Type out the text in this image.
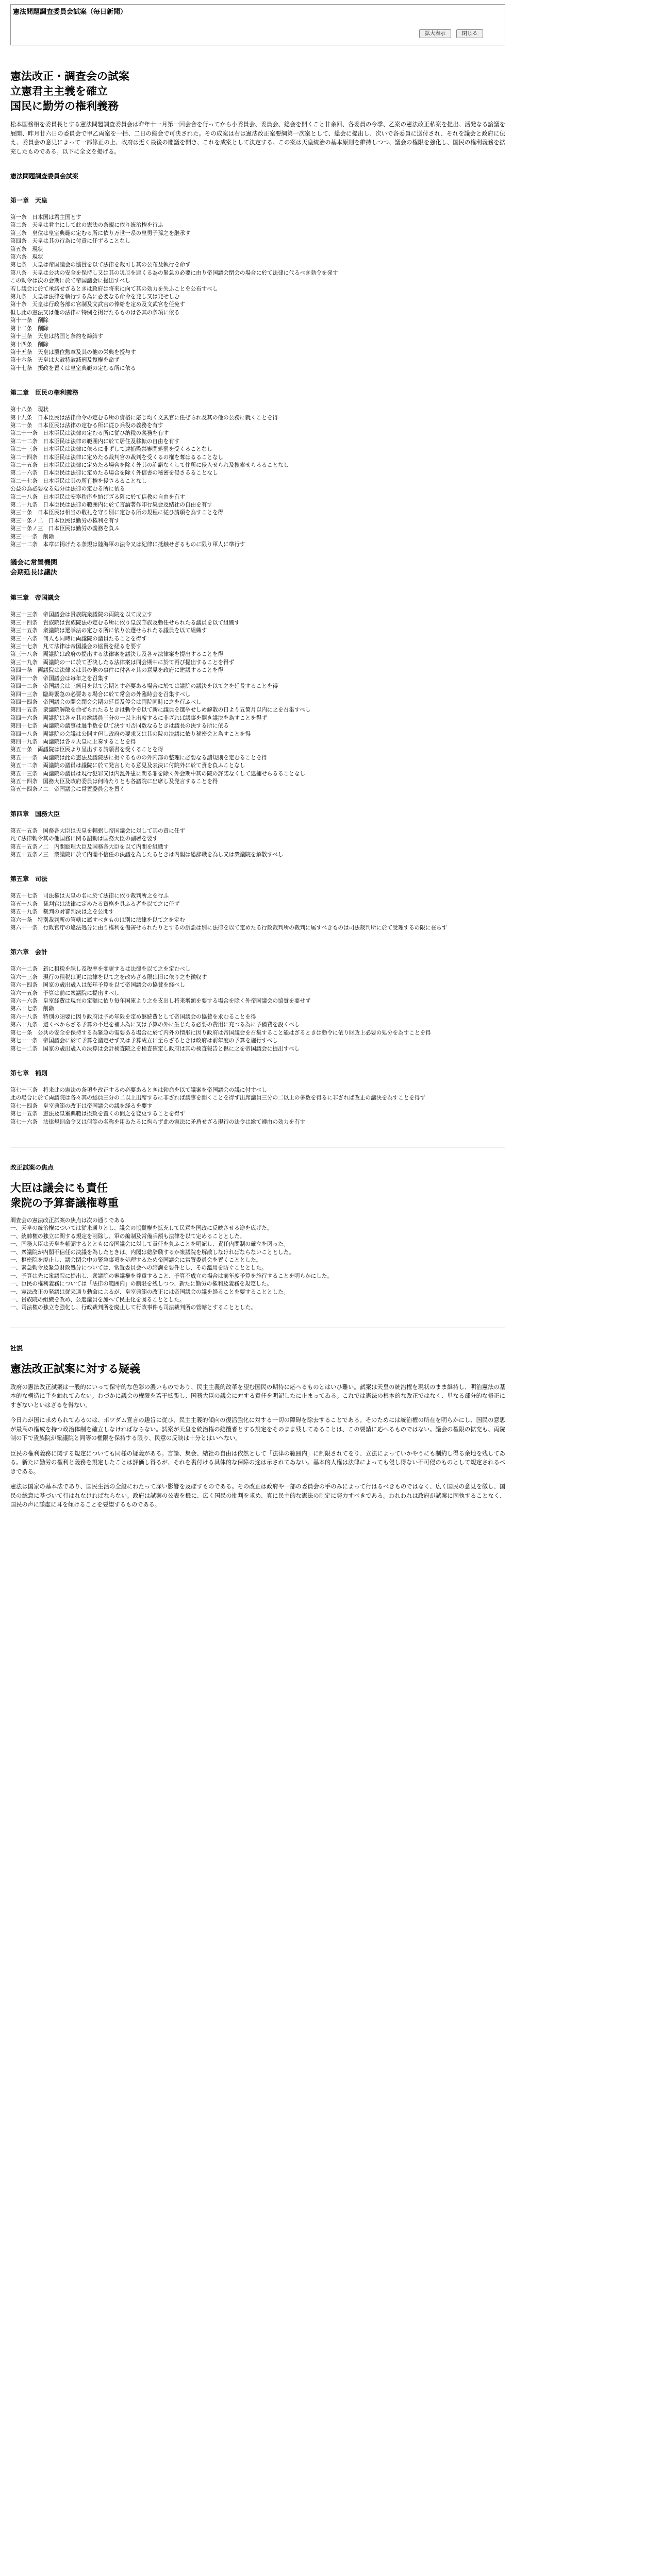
憲法問題調査委員会試案（毎日新聞）
拡大表示	閉じる
憲法改正・調査会の試案
立憲君主主義を確立
国民に勤労の権利義務

松本国務相を委員長とする憲法問題調査委員会は昨年十一月第一回会合を行ってから小委員会、委員会、総会を開くこと廿余回、各委員の今季、乙案の憲法改正私案を提出、活発なる論議を展開、昨月廿六日の委員会で甲乙両案を一括、二日の総会で可決された。その成案は右は憲法改正案要綱第一次案として、総会に提出し、次いで各委員に送付され、それを議会と政府に伝え、委員会の意見によって一部修正の上、政府は近く最後の閣議を開き、これを成案として決定する。この案は天皇統治の基本原則を維持しつつ、議会の権限を強化し、国民の権利義務を拡充したものである。以下に全文を掲げる。

憲法問題調査委員会試案
第一章　天皇
第一条　日本国は君主国とす
第二条　天皇は君主にして此の憲法の条規に依り統治権を行ふ
第三条　皇位は皇室典範の定むる所に依り万世一系の皇男子孫之を継承す
第四条　天皇は其の行為に付責に任ずることなし
第五条　現状
第六条　現状
第七条　天皇は帝国議会の協賛を以て法律を裁可し其の公布及執行を命ず
第八条　天皇は公共の安全を保持し又は其の災厄を避くる為の緊急の必要に由り帝国議会閉会の場合に於て法律に代るべき勅令を発す
この勅令は次の会期に於て帝国議会に提出すべし
若し議会に於て承諾せざるときは政府は将来に向て其の効力を失ふことを公布すべし
第九条　天皇は法律を執行する為に必要なる命令を発し又は発せしむ
第十条　天皇は行政各部の官制及文武官の俸給を定め及文武官を任免す
但し此の憲法又は他の法律に特例を掲げたるものは各其の条項に依る
第十一条　削除
第十二条　削除
第十三条　天皇は諸国と条約を締結す
第十四条　削除
第十五条　天皇は爵位勲章及其の他の栄典を授与す
第十六条　天皇は大赦特赦減刑及復権を命ず
第十七条　摂政を置くは皇室典範の定むる所に依る
第二章　臣民の権利義務
第十八条　現状
第十九条　日本臣民は法律命令の定むる所の資格に応じ均く文武官に任ぜられ及其の他の公務に就くことを得
第二十条　日本臣民は法律の定むる所に従ひ兵役の義務を有す
第二十一条　日本臣民は法律の定むる所に従ひ納税の義務を有す
第二十二条　日本臣民は法律の範囲内に於て居住及移転の自由を有す
第二十三条　日本臣民は法律に依るに非ずして逮捕監禁審問処罰を受くることなし
第二十四条　日本臣民は法律に定めたる裁判官の裁判を受くるの権を奪はるることなし
第二十五条　日本臣民は法律に定めたる場合を除く外其の許諾なくして住所に侵入せられ及捜索せらるることなし
第二十六条　日本臣民は法律に定めたる場合を除く外信書の秘密を侵さるることなし
第二十七条　日本臣民は其の所有権を侵さるることなし
公益の為必要なる処分は法律の定むる所に依る
第二十八条　日本臣民は安寧秩序を妨げざる限に於て信教の自由を有す
第二十九条　日本臣民は法律の範囲内に於て言論著作印行集会及結社の自由を有す
第三十条　日本臣民は相当の敬礼を守り別に定むる所の規程に従ひ請願を為すことを得
第三十条ノ二　日本臣民は勤労の権利を有す
第三十条ノ三　日本臣民は勤労の義務を負ふ
第三十一条　削除
第三十二条　本章に掲げたる条規は陸海軍の法令又は紀律に抵触せざるものに限り軍人に準行す
議会に常置機関
会期延長は議決
第三章　帝国議会
第三十三条　帝国議会は貴族院衆議院の両院を以て成立す
第三十四条　貴族院は貴族院法の定むる所に依り皇族華族及勅任せられたる議員を以て組織す
第三十五条　衆議院は選挙法の定むる所に依り公選せられたる議員を以て組織す
第三十六条　何人も同時に両議院の議員たることを得ず
第三十七条　凡て法律は帝国議会の協賛を経るを要す
第三十八条　両議院は政府の提出する法律案を議決し及各々法律案を提出することを得
第三十九条　両議院の一に於て否決したる法律案は同会期中に於て再び提出することを得ず
第四十条　両議院は法律又は其の他の事件に付各々其の意見を政府に建議することを得
第四十一条　帝国議会は毎年之を召集す
第四十二条　帝国議会は三箇月を以て会期とす必要ある場合に於ては議院の議決を以て之を延長することを得
第四十三条　臨時緊急の必要ある場合に於て常会の外臨時会を召集すべし
第四十四条　帝国議会の開会閉会会期の延長及停会は両院同時に之を行ふべし
第四十五条　衆議院解散を命ぜられたるときは勅令を以て新に議員を選挙せしめ解散の日より五箇月以内に之を召集すべし
第四十六条　両議院は各々其の総議員三分の一以上出席するに非ざれば議事を開き議決を為すことを得ず
第四十七条　両議院の議事は過半数を以て決す可否同数なるときは議長の決する所に依る
第四十八条　両議院の会議は公開す但し政府の要求又は其の院の決議に依り秘密会と為すことを得
第四十九条　両議院は各々天皇に上奏することを得
第五十条　両議院は臣民より呈出する請願書を受くることを得
第五十一条　両議院は此の憲法及議院法に掲ぐるものの外内部の整理に必要なる諸規則を定むることを得
第五十二条　両議院の議員は議院に於て発言したる意見及表決に付院外に於て責を負ふことなし
第五十三条　両議院の議員は現行犯罪又は内乱外患に関る罪を除く外会期中其の院の許諾なくして逮捕せらるることなし
第五十四条　国務大臣及政府委員は何時たりとも各議院に出席し及発言することを得
第五十四条ノ二　帝国議会に常置委員会を置く
第四章　国務大臣
第五十五条　国務各大臣は天皇を輔弼し帝国議会に対して其の責に任ず
凡て法律勅令其の他国務に関る詔勅は国務大臣の副署を要す
第五十五条ノ二　内閣総理大臣及国務各大臣を以て内閣を組織す
第五十五条ノ三　衆議院に於て内閣不信任の決議を為したるときは内閣は総辞職を為し又は衆議院を解散すべし
第五章　司法
第五十七条　司法権は天皇の名に於て法律に依り裁判所之を行ふ
第五十八条　裁判官は法律に定めたる資格を具ふる者を以て之に任ず
第五十九条　裁判の対審判決は之を公開す
第六十条　特別裁判所の管轄に属すべきものは別に法律を以て之を定む
第六十一条　行政官庁の違法処分に由り権利を傷害せられたりとするの訴訟は別に法律を以て定めたる行政裁判所の裁判に属すべきものは司法裁判所に於て受理するの限に在らず
第六章　会計
第六十二条　新に租税を課し及税率を変更するは法律を以て之を定むべし
第六十三条　現行の租税は更に法律を以て之を改めざる限は旧に依り之を徴収す
第六十四条　国家の歳出歳入は毎年予算を以て帝国議会の協賛を経べし
第六十五条　予算は前に衆議院に提出すべし
第六十六条　皇室経費は現在の定額に依り毎年国庫より之を支出し将来増額を要する場合を除く外帝国議会の協賛を要せず
第六十七条　削除
第六十八条　特別の須要に因り政府は予め年限を定め継続費として帝国議会の協賛を求むることを得
第六十九条　避くべからざる予算の不足を補ふ為に又は予算の外に生じたる必要の費用に充つる為に予備費を設くべし
第七十条　公共の安全を保持する為緊急の需要ある場合に於て内外の情形に因り政府は帝国議会を召集すること能はざるときは勅令に依り財政上必要の処分を為すことを得
第七十一条　帝国議会に於て予算を議定せず又は予算成立に至らざるときは政府は前年度の予算を施行すべし
第七十二条　国家の歳出歳入の決算は会計検査院之を検査確定し政府は其の検査報告と倶に之を帝国議会に提出すべし
第七章　補則
第七十三条　将来此の憲法の条項を改正するの必要あるときは勅命を以て議案を帝国議会の議に付すべし
此の場合に於て両議院は各々其の総員三分の二以上出席するに非ざれば議事を開くことを得ず出席議員三分の二以上の多数を得るに非ざれば改正の議決を為すことを得ず
第七十四条　皇室典範の改正は帝国議会の議を経るを要す
第七十五条　憲法及皇室典範は摂政を置くの間之を変更することを得ず
第七十六条　法律規則命令又は何等の名称を用ゐたるに拘らず此の憲法に矛盾せざる現行の法令は総て遵由の効力を有す
改正試案の焦点
大臣は議会にも責任
衆院の予算審議権尊重
調査会の憲法改正試案の焦点は次の通りである
一、天皇の統治権については従来通りとし、議会の協賛権を拡充して民意を国政に反映させる途を広げた。
一、統帥権の独立に関する規定を削除し、軍の編制及常備兵額も法律を以て定めることとした。
一、国務大臣は天皇を輔弼するとともに帝国議会に対して責任を負ふことを明記し、責任内閣制の確立を図った。
一、衆議院が内閣不信任の決議を為したときは、内閣は総辞職するか衆議院を解散しなければならないこととした。
一、枢密院を廃止し、議会閉会中の緊急事項を処理するため帝国議会に常置委員会を置くこととした。
一、緊急勅令及緊急財政処分については、常置委員会への諮詢を要件とし、その濫用を防ぐこととした。
一、予算は先に衆議院に提出し、衆議院の審議権を尊重すること、予算不成立の場合は前年度予算を施行することを明らかにした。
一、臣民の権利義務については「法律の範囲内」の制限を残しつつ、新たに勤労の権利及義務を規定した。
一、憲法改正の発議は従来通り勅命によるが、皇室典範の改正には帝国議会の議を経ることを要することとした。
一、貴族院の組織を改め、公選議員を加へて民主化を図ることとした。
一、司法権の独立を強化し、行政裁判所を廃止して行政事件も司法裁判所の管轄とすることとした。
社説
憲法改正試案に対する疑義

政府の憲法改正試案は一般的にいって保守的な色彩の濃いものであり、民主主義的改革を望む国民の期待に応へるものとはいひ難い。試案は天皇の統治権を現状のまま維持し、明治憲法の基本的な構造に手を触れてゐない。わづかに議会の権限を若干拡張し、国務大臣の議会に対する責任を明記したに止まってゐる。これでは憲法の根本的な改正ではなく、単なる部分的な修正にすぎないといはざるを得ない。

今日わが国に求められてゐるのは、ポツダム宣言の趣旨に従ひ、民主主義的傾向の復活強化に対する一切の障碍を除去することである。そのためには統治権の所在を明らかにし、国民の意思が最高の権威を持つ政治体制を確立しなければならない。試案が天皇を統治権の総攬者とする規定をそのまま残してゐることは、この要請に応へるものではない。議会の権限の拡充も、両院制の下で貴族院が衆議院と同等の権限を保持する限り、民意の反映は十分とはいへない。

臣民の権利義務に関する規定についても同様の疑義がある。言論、集会、結社の自由は依然として「法律の範囲内」に制限されてをり、立法によっていかやうにも制約し得る余地を残してゐる。新たに勤労の権利と義務を規定したことは評価し得るが、それを裏付ける具体的な保障の途は示されてゐない。基本的人権は法律によっても侵し得ない不可侵のものとして規定されるべきである。

憲法は国家の基本法であり、国民生活の全般にわたって深い影響を及ぼすものである。その改正は政府や一部の委員会の手のみによって行はるべきものではなく、広く国民の意見を徴し、国民の総意に基づいて行はれなければならない。政府は試案の公表を機に、広く国民の批判を求め、真に民主的な憲法の制定に努力すべきである。われわれは政府が試案に固執することなく、国民の声に謙虚に耳を傾けることを要望するものである。
